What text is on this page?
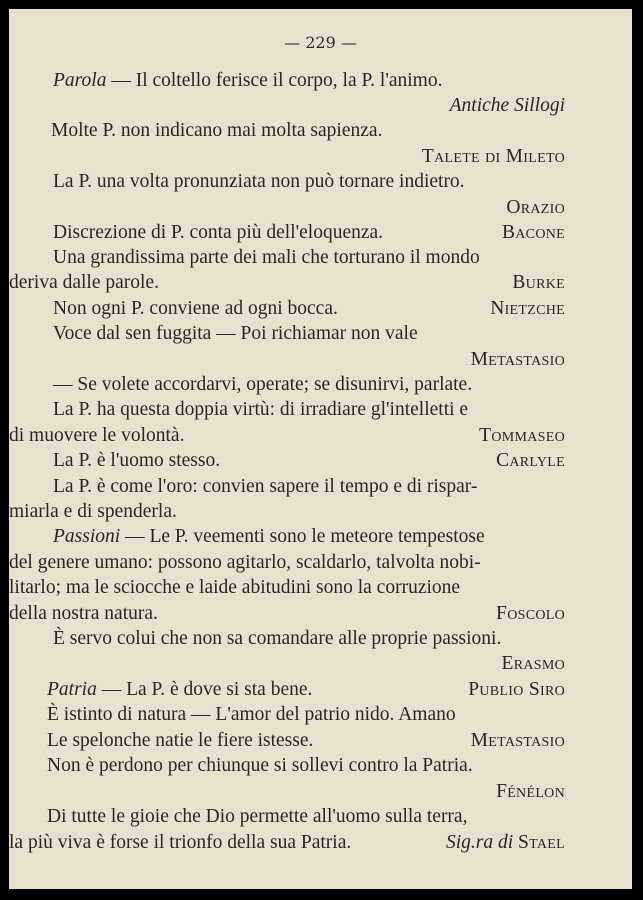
— 229 —
Parola — Il coltello ferisce il corpo, la P. l'animo.
Antiche Sillogi
Molte P. non indicano mai molta sapienza.
Talete di Mileto
La P. una volta pronunziata non può tornare indietro.
Orazio
Discrezione di P. conta più dell'eloquenza.	Bacone
Una grandissima parte dei mali che torturano il mondo
deriva dalle parole.	Burke
Non ogni P. conviene ad ogni bocca.	Nietzche
Voce dal sen fuggita — Poi richiamar non vale
Metastasio
— Se volete accordarvi, operate; se disunirvi, parlate.
La P. ha questa doppia virtù: di irradiare gl'intelletti e
di muovere le volontà.	Tommaseo
La P. è l'uomo stesso.	Carlyle
La P. è come l'oro: convien sapere il tempo e di rispar-
miarla e di spenderla.
Passioni — Le P. veementi sono le meteore tempestose
del genere umano: possono agitarlo, scaldarlo, talvolta nobi-
litarlo; ma le sciocche e laide abitudini sono la corruzione
della nostra natura.	Foscolo
È servo colui che non sa comandare alle proprie passioni.
Erasmo
Patria — La P. è dove si sta bene.	Publio Siro
È istinto di natura — L'amor del patrio nido. Amano
Le spelonche natie le fiere istesse.	Metastasio
Non è perdono per chiunque si sollevi contro la Patria.
Fénélon
Di tutte le gioie che Dio permette all'uomo sulla terra,
la più viva è forse il trionfo della sua Patria.	Sig.ra di Stael
